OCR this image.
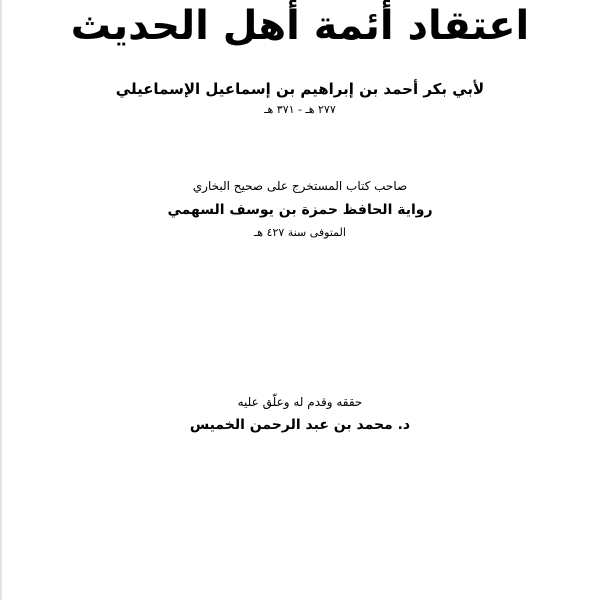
اعتقاد أئمة أهل الحديث
لأبي بكر أحمد بن إبراهيم بن إسماعيل الإسماعيلي
٢٧٧ هـ - ٣٧١ هـ
صاحب كتاب المستخرج على صحيح البخاري
رواية الحافظ حمزة بن يوسف السهمي
المتوفى سنة ٤٢٧ هـ
حققه وقدم له وعلّق عليه
د. محمد بن عبد الرحمن الخميس
